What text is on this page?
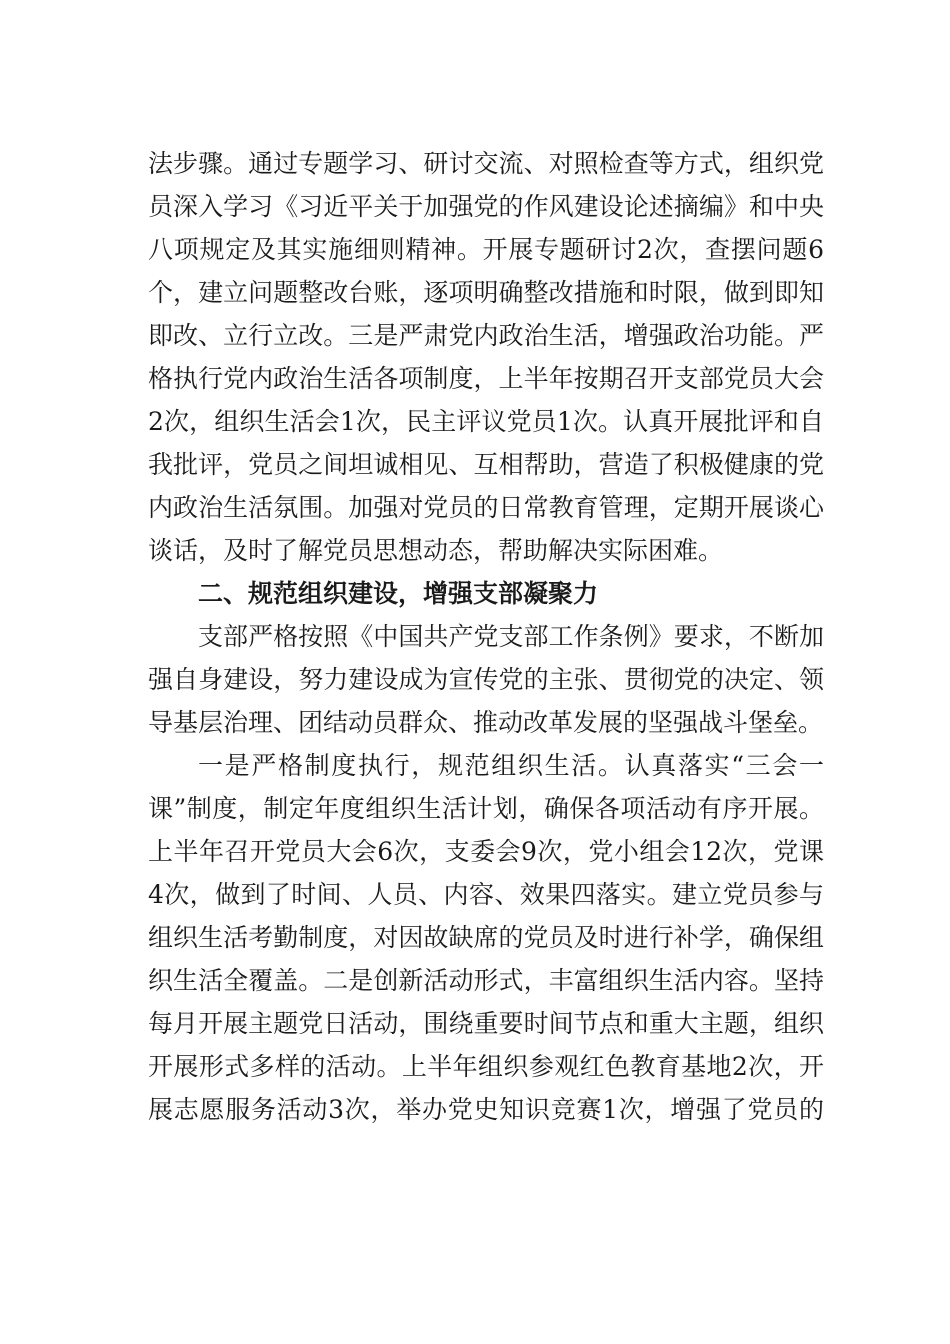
法步骤。通过专题学习、研讨交流、对照检查等方式，组织党
员深入学习《习近平关于加强党的作风建设论述摘编》和中央
八项规定及其实施细则精神。开展专题研讨2次，查摆问题6
个，建立问题整改台账，逐项明确整改措施和时限，做到即知
即改、立行立改。三是严肃党内政治生活，增强政治功能。严
格执行党内政治生活各项制度，上半年按期召开支部党员大会
2次，组织生活会1次，民主评议党员1次。认真开展批评和自
我批评，党员之间坦诚相见、互相帮助，营造了积极健康的党
内政治生活氛围。加强对党员的日常教育管理，定期开展谈心
谈话，及时了解党员思想动态，帮助解决实际困难。
二、规范组织建设，增强支部凝聚力
支部严格按照《中国共产党支部工作条例》要求，不断加
强自身建设，努力建设成为宣传党的主张、贯彻党的决定、领
导基层治理、团结动员群众、推动改革发展的坚强战斗堡垒。
一是严格制度执行，规范组织生活。认真落实“三会一
课”制度，制定年度组织生活计划，确保各项活动有序开展。
上半年召开党员大会6次，支委会9次，党小组会12次，党课
4次，做到了时间、人员、内容、效果四落实。建立党员参与
组织生活考勤制度，对因故缺席的党员及时进行补学，确保组
织生活全覆盖。二是创新活动形式，丰富组织生活内容。坚持
每月开展主题党日活动，围绕重要时间节点和重大主题，组织
开展形式多样的活动。上半年组织参观红色教育基地2次，开
展志愿服务活动3次，举办党史知识竞赛1次，增强了党员的
